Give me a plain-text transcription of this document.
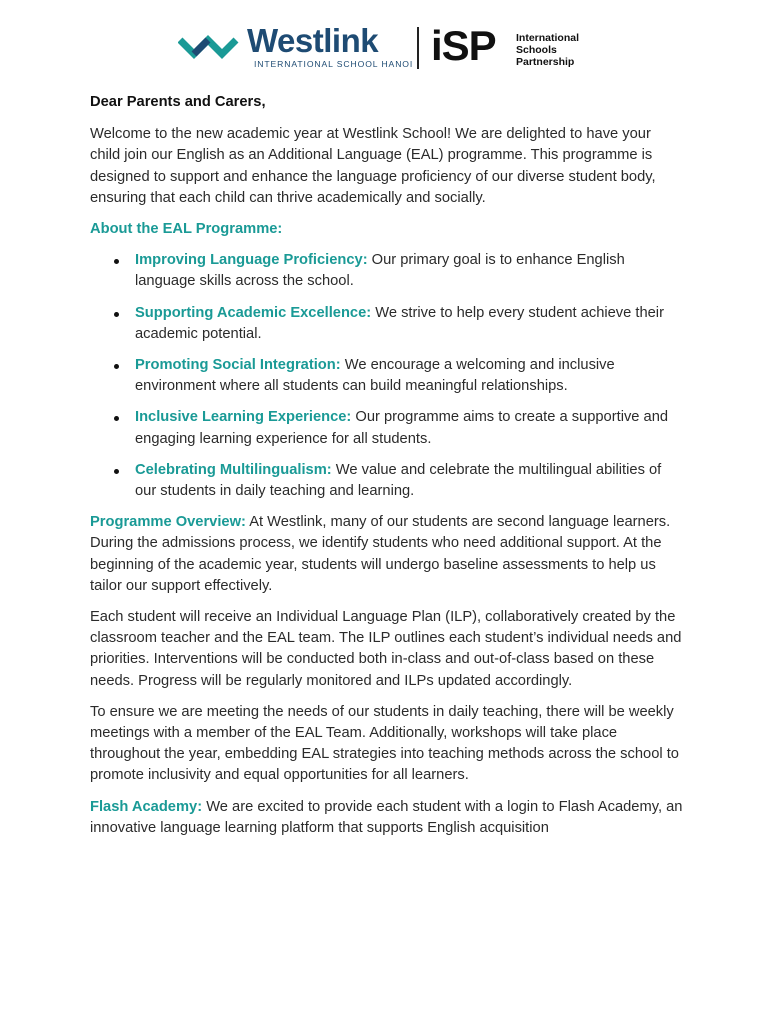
Westlink
INTERNATIONAL SCHOOL HANOI iSP International
Schools
Partnership

Dear Parents and Carers,

Welcome to the new academic year at Westlink School! We are delighted to have your child join our English as an Additional Language (EAL) programme. This programme is designed to support and enhance the language proficiency of our diverse student body, ensuring that each child can thrive academically and socially.

About the EAL Programme:

Improving Language Proficiency: Our primary goal is to enhance English language skills across the school.
Supporting Academic Excellence: We strive to help every student achieve their academic potential.
Promoting Social Integration: We encourage a welcoming and inclusive environment where all students can build meaningful relationships.
Inclusive Learning Experience: Our programme aims to create a supportive and engaging learning experience for all students.
Celebrating Multilingualism: We value and celebrate the multilingual abilities of our students in daily teaching and learning.

Programme Overview: At Westlink, many of our students are second language learners. During the admissions process, we identify students who need additional support. At the beginning of the academic year, students will undergo baseline assessments to help us tailor our support effectively.

Each student will receive an Individual Language Plan (ILP), collaboratively created by the classroom teacher and the EAL team. The ILP outlines each student’s individual needs and priorities. Interventions will be conducted both in-class and out-of-class based on these needs. Progress will be regularly monitored and ILPs updated accordingly.

To ensure we are meeting the needs of our students in daily teaching, there will be weekly meetings with a member of the EAL Team. Additionally, workshops will take place throughout the year, embedding EAL strategies into teaching methods across the school to promote inclusivity and equal opportunities for all learners.

Flash Academy: We are excited to provide each student with a login to Flash Academy, an innovative language learning platform that supports English acquisition
